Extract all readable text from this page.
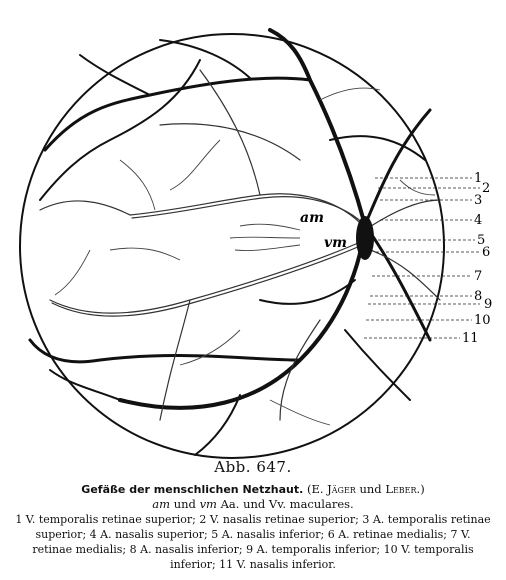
am
vm
1
2
3
4
5
6
7
8
9
10
11
Abb. 647.
Gefäße der menschlichen Netzhaut. (E. Jäger und Leber.)
am und vm Aa. und Vv. maculares.
1 V. temporalis retinae superior; 2 V. nasalis retinae superior; 3 A. temporalis retinae superior; 4 A. nasalis superior; 5 A. nasalis inferior; 6 A. retinae medialis; 7 V. retinae medialis; 8 A. nasalis inferior; 9 A. temporalis inferior; 10 V. temporalis inferior; 11 V. nasalis inferior.
